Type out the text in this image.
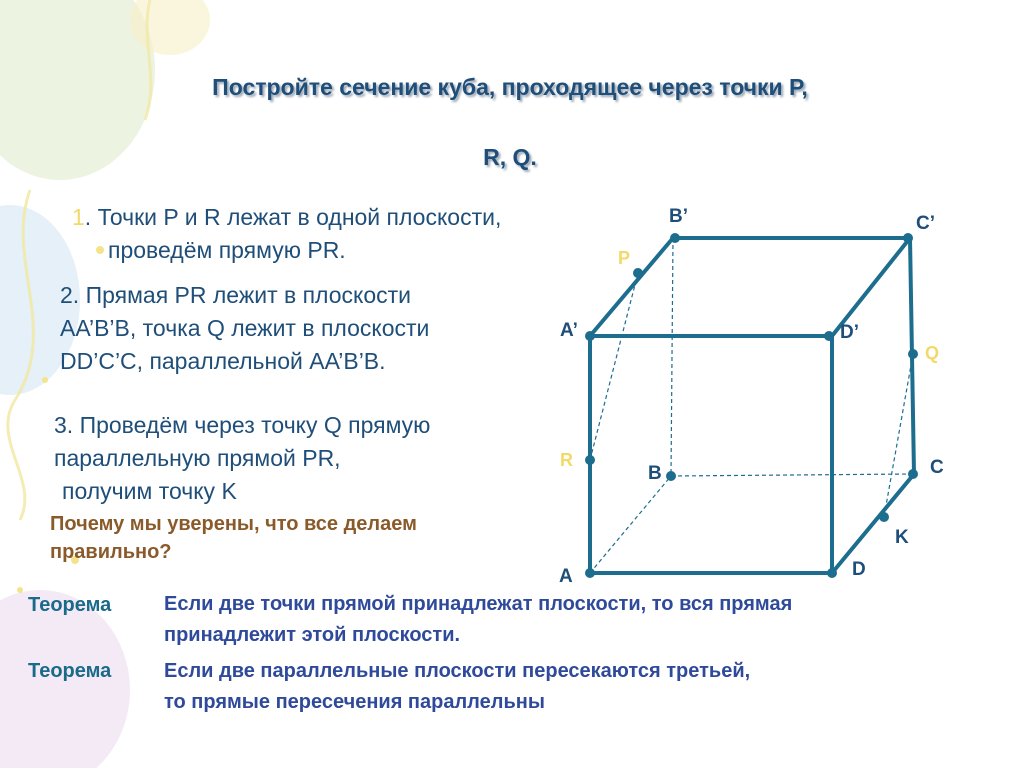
Постройте сечение куба, проходящее через точки P,
R, Q.
1. Точки P и R лежат в одной плоскости,
проведём прямую PR.
2. Прямая PR лежит в плоскости
AA’B’B, точка Q лежит в плоскости
DD’C’C, параллельной AA’B’B.
3. Проведём через точку Q прямую
параллельную прямой PR,
получим точку K
Почему мы уверены, что все делаем
правильно?
Теорема	Если две точки прямой принадлежат плоскости, то вся прямая
принадлежит этой плоскости.
Теорема	Если две параллельные плоскости пересекаются третьей,
то прямые пересечения параллельны
A	D
A’	D’
B’	C’
B	C
K
P
R
Q
